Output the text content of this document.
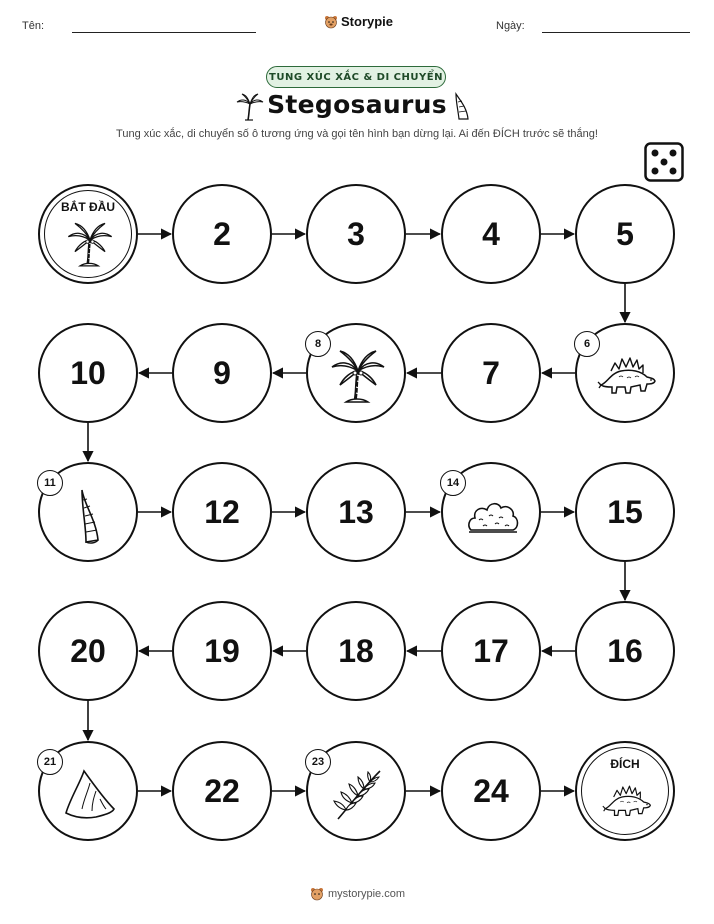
Tên:	Storypie	Ngày:
TUNG XÚC XẮC & DI CHUYỂN
Stegosaurus
Tung xúc xắc, di chuyển số ô tương ứng và gọi tên hình bạn dừng lại. Ai đến ĐÍCH trước sẽ thắng!
BẮT ĐẦU
2	3	4	5
6
7
8
9
10
11
12	13
14
15
16
17
18
19
20
21
22
23
24
ĐÍCH
mystorypie.com
